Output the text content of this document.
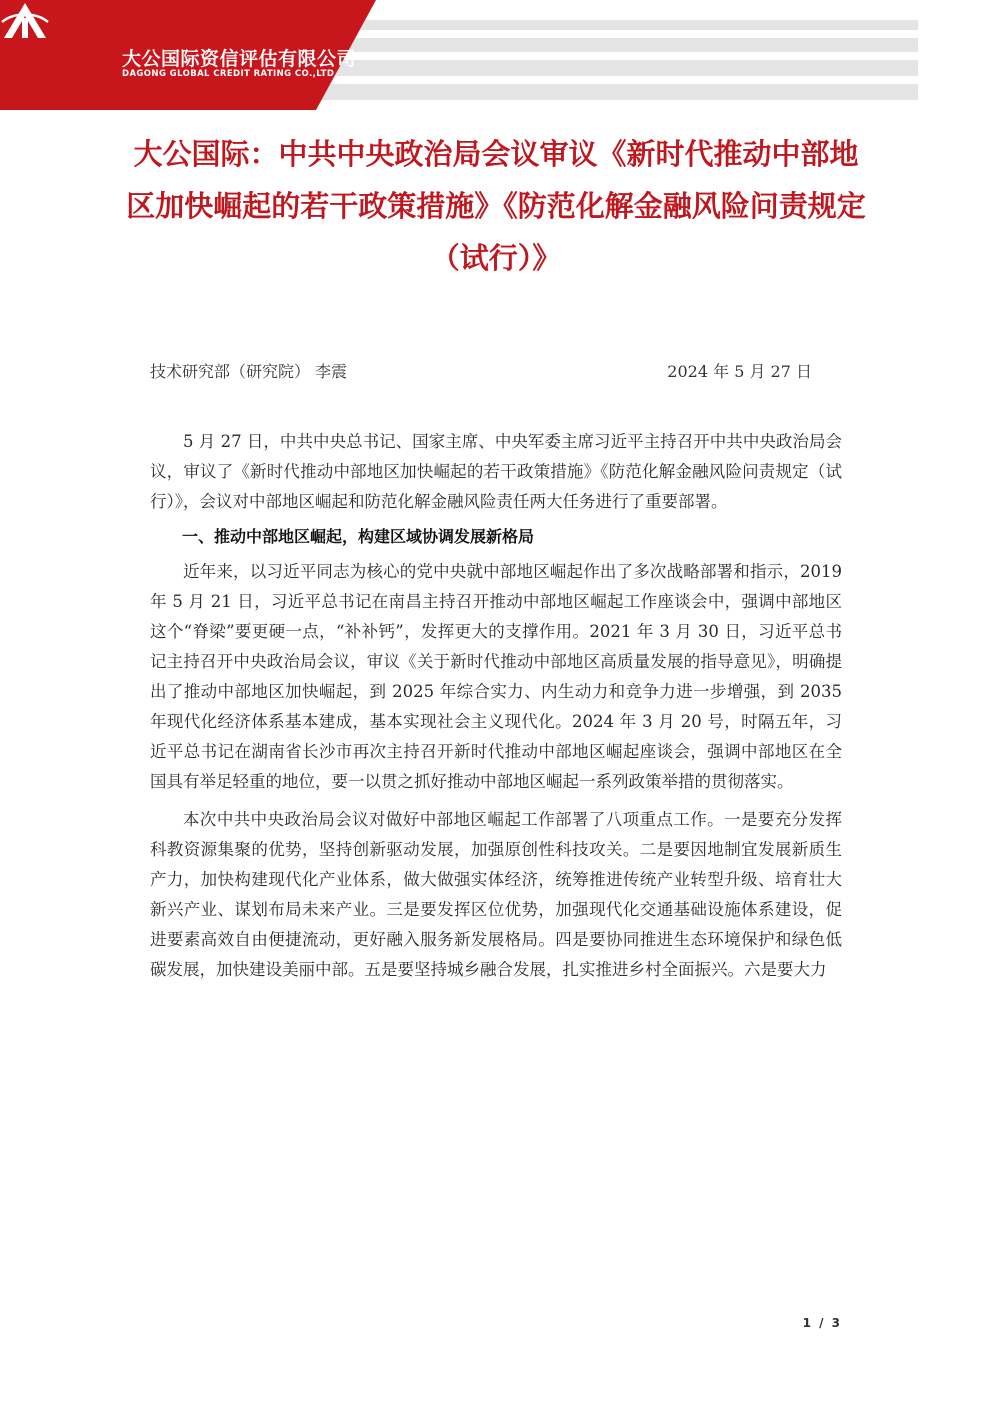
大公国际资信评估有限公司
DAGONG GLOBAL CREDIT RATING CO.,LTD
大公国际：中共中央政治局会议审议《新时代推动中部地区加快崛起的若干政策措施》《防范化解金融风险问责规定（试行）》
技术研究部（研究院） 李震	2024 年 5 月 27 日

5 月 27 日，中共中央总书记、国家主席、中央军委主席习近平主持召开中共中央政治局会议，审议了《新时代推动中部地区加快崛起的若干政策措施》《防范化解金融风险问责规定（试行）》，会议对中部地区崛起和防范化解金融风险责任两大任务进行了重要部署。

一、推动中部地区崛起，构建区域协调发展新格局

近年来，以习近平同志为核心的党中央就中部地区崛起作出了多次战略部署和指示，2019 年 5 月 21 日，习近平总书记在南昌主持召开推动中部地区崛起工作座谈会中，强调中部地区这个“脊梁”要更硬一点，“补补钙”，发挥更大的支撑作用。2021 年 3 月 30 日，习近平总书记主持召开中央政治局会议，审议《关于新时代推动中部地区高质量发展的指导意见》，明确提出了推动中部地区加快崛起，到 2025 年综合实力、内生动力和竞争力进一步增强，到 2035 年现代化经济体系基本建成，基本实现社会主义现代化。2024 年 3 月 20 号，时隔五年，习近平总书记在湖南省长沙市再次主持召开新时代推动中部地区崛起座谈会，强调中部地区在全国具有举足轻重的地位，要一以贯之抓好推动中部地区崛起一系列政策举措的贯彻落实。

本次中共中央政治局会议对做好中部地区崛起工作部署了八项重点工作。一是要充分发挥科教资源集聚的优势，坚持创新驱动发展，加强原创性科技攻关。二是要因地制宜发展新质生产力，加快构建现代化产业体系，做大做强实体经济，统筹推进传统产业转型升级、培育壮大新兴产业、谋划布局未来产业。三是要发挥区位优势，加强现代化交通基础设施体系建设，促进要素高效自由便捷流动，更好融入服务新发展格局。四是要协同推进生态环境保护和绿色低碳发展，加快建设美丽中部。五是要坚持城乡融合发展，扎实推进乡村全面振兴。六是要大力

1 / 3
